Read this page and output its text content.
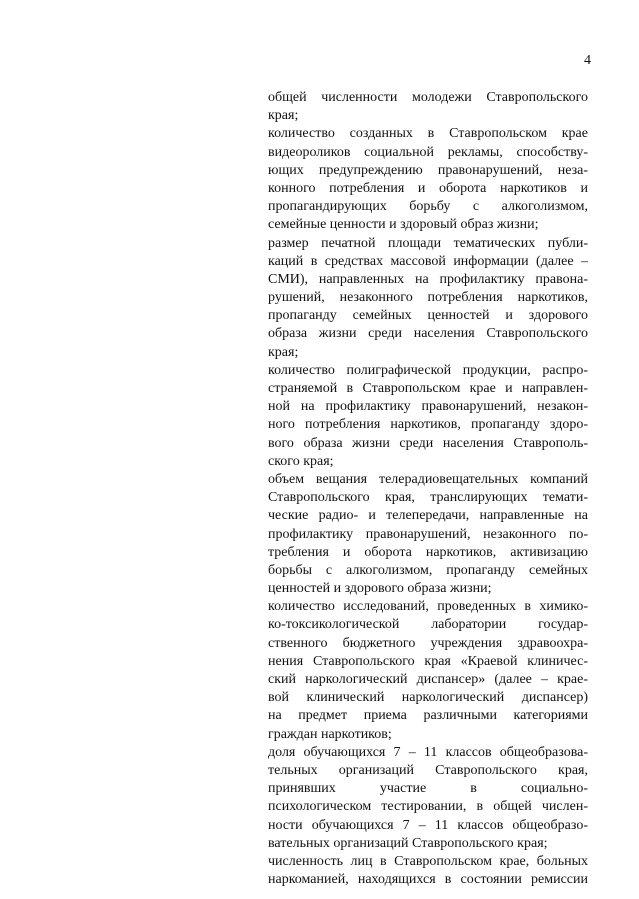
4
общей численности молодежи Ставропольского
края;
количество созданных в Ставропольском крае
видеороликов социальной рекламы, способству-
ющих предупреждению правонарушений, неза-
конного потребления и оборота наркотиков и
пропагандирующих борьбу с алкоголизмом,
семейные ценности и здоровый образ жизни;
размер печатной площади тематических публи-
каций в средствах массовой информации (далее –
СМИ), направленных на профилактику правона-
рушений, незаконного потребления наркотиков,
пропаганду семейных ценностей и здорового
образа жизни среди населения Ставропольского
края;
количество полиграфической продукции, распро-
страняемой в Ставропольском крае и направлен-
ной на профилактику правонарушений, незакон-
ного потребления наркотиков, пропаганду здоро-
вого образа жизни среди населения Ставрополь-
ского края;
объем вещания телерадиовещательных компаний
Ставропольского края, транслирующих темати-
ческие радио- и телепередачи, направленные на
профилактику правонарушений, незаконного по-
требления и оборота наркотиков, активизацию
борьбы с алкоголизмом, пропаганду семейных
ценностей и здорового образа жизни;
количество исследований, проведенных в химико-
ко-токсикологической лаборатории государ-
ственного бюджетного учреждения здравоохра-
нения Ставропольского края «Краевой клиничес-
ский наркологический диспансер» (далее – крае-
вой клинический наркологический диспансер)
на предмет приема различными категориями
граждан наркотиков;
доля обучающихся 7 – 11 классов общеобразова-
тельных организаций Ставропольского края,
принявших участие в социально-
психологическом тестировании, в общей числен-
ности обучающихся 7 – 11 классов общеобразо-
вательных организаций Ставропольского края;
численность лиц в Ставропольском крае, больных
наркоманией, находящихся в состоянии ремиссии
